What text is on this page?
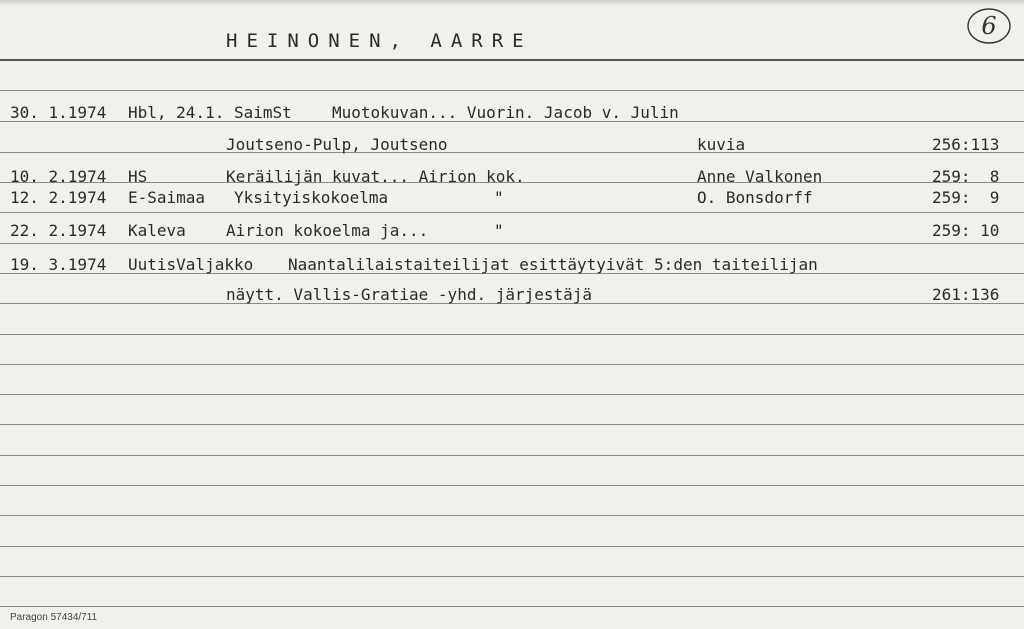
HEINONEN, AARRE
6
30. 1.1974 Hbl, 24.1. SaimSt	Muotokuvan... Vuorin. Jacob v. Julin
Joutseno-Pulp, Joutseno	kuvia	256:113
10. 2.1974 HS	Keräilijän kuvat... Airion kok.	Anne Valkonen	259:  8
12. 2.1974 E-Saimaa Yksityiskokoelma	"	O. Bonsdorff	259:  9
22. 2.1974 Kaleva	Airion kokoelma ja...	"	259: 10
19. 3.1974 UutisValjakko Naantalilaistaiteilijat esittäytyivät 5:den taiteilijan
näytt. Vallis-Gratiae -yhd. järjestäjä	261:136
Paragon 57434/711
